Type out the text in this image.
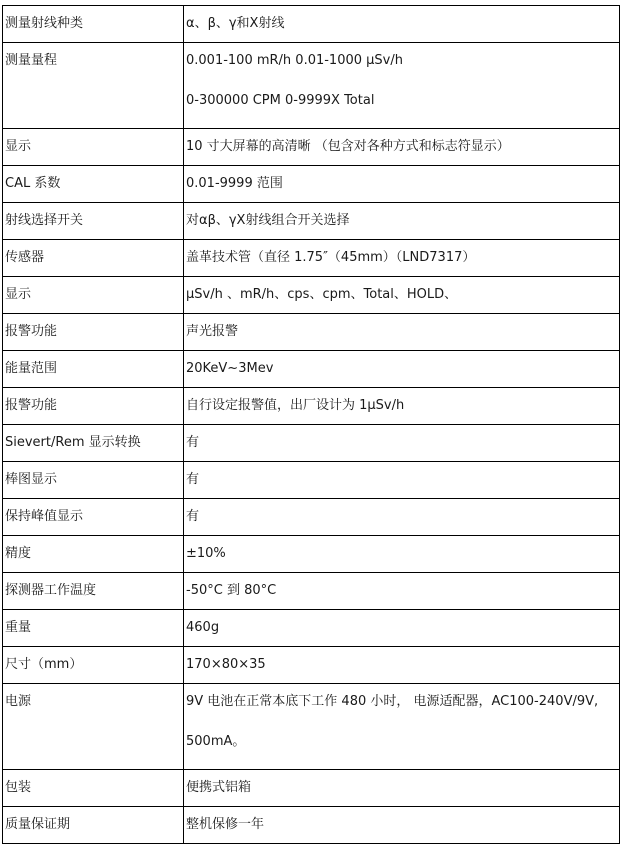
测量射线种类	α、β、γ和X射线
测量量程	0.001-100 mR/h 0.01-1000 μSv/h
0-300000 CPM 0-9999X Total

显示	10 寸大屏幕的高清晰 （包含对各种方式和标志符显示）
CAL 系数	0.01-9999 范围
射线选择开关	对αβ、γX射线组合开关选择
传感器	盖革技术管（直径 1.75″（45mm）（LND7317）
显示	μSv/h 、mR/h、cps、cpm、Total、HOLD、
报警功能	声光报警
能量范围	20KeV~3Mev
报警功能	自行设定报警值，出厂设计为 1μSv/h
Sievert/Rem 显示转换	有
棒图显示	有
保持峰值显示	有
精度	±10%
探测器工作温度	-50°C 到 80°C
重量	460g
尺寸（mm）	170×80×35
电源	9V 电池在正常本底下工作 480 小时， 电源适配器，AC100-240V/9V,
500mA。

包装	便携式铝箱
质量保证期	整机保修一年
